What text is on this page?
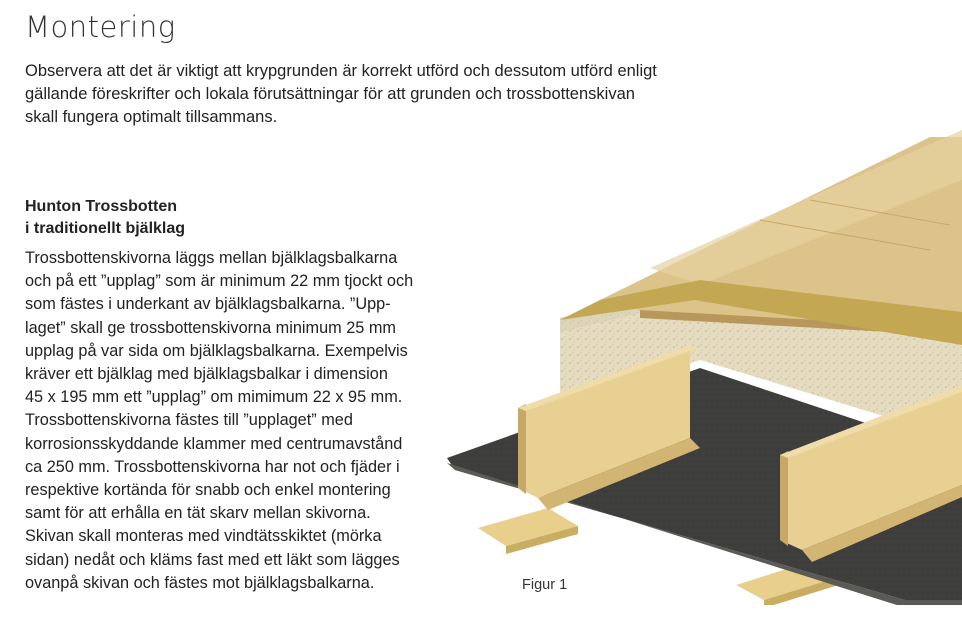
Montering
Observera att det är viktigt att krypgrunden är korrekt utförd och dessutom utförd enligt
gällande föreskrifter och lokala förutsättningar för att grunden och trossbottenskivan
skall fungera optimalt tillsammans.
Hunton Trossbotten
i traditionellt bjälklag
Trossbottenskivorna läggs mellan bjälklagsbalkarna
och på ett ”upplag” som är minimum 22 mm tjockt och
som fästes i underkant av bjälklagsbalkarna. ”Upp-
laget” skall ge trossbottenskivorna minimum 25 mm
upplag på var sida om bjälklagsbalkarna. Exempelvis
kräver ett bjälklag med bjälklagsbalkar i dimension
45 x 195 mm ett ”upplag” om mimimum 22 x 95 mm.
Trossbottenskivorna fästes till ”upplaget” med
korrosionsskyddande klammer med centrumavstånd
ca 250 mm. Trossbottenskivorna har not och fjäder i
respektive kortända för snabb och enkel montering
samt för att erhålla en tät skarv mellan skivorna.
Skivan skall monteras med vindtätsskiktet (mörka
sidan) nedåt och kläms fast med ett läkt som lägges
ovanpå skivan och fästes mot bjälklagsbalkarna.	Figur 1
